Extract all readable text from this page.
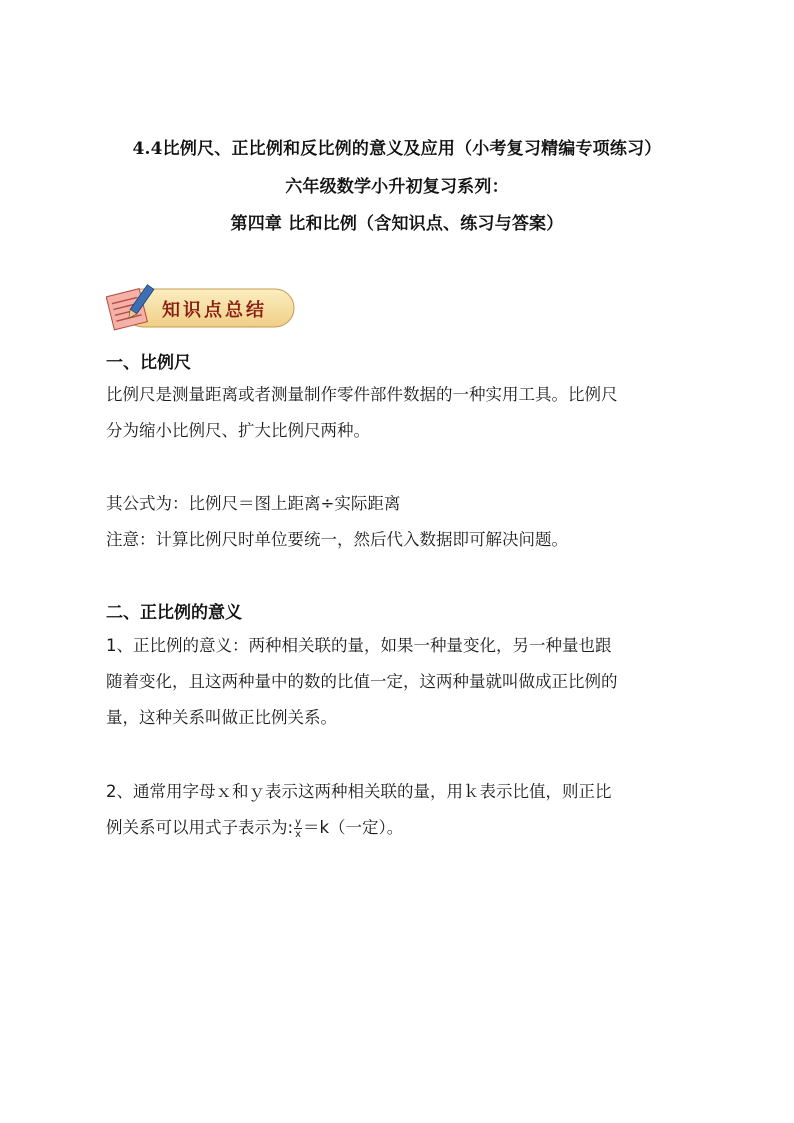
4.4比例尺、正比例和反比例的意义及应用（小考复习精编专项练习）
六年级数学小升初复习系列：
第四章 比和比例（含知识点、练习与答案）
知识点总结
一、比例尺
比例尺是测量距离或者测量制作零件部件数据的一种实用工具。比例尺
分为缩小比例尺、扩大比例尺两种。
其公式为：比例尺＝图上距离÷实际距离
注意：计算比例尺时单位要统一，然后代入数据即可解决问题。
二、正比例的意义
1、正比例的意义：两种相关联的量，如果一种量变化，另一种量也跟
随着变化，且这两种量中的数的比值一定，这两种量就叫做成正比例的
量，这种关系叫做正比例关系。
2、通常用字母ｘ和ｙ表示这两种相关联的量，用ｋ表示比值，则正比
例关系可以用式子表示为: $\frac{y}{x} =k$（一定）。
